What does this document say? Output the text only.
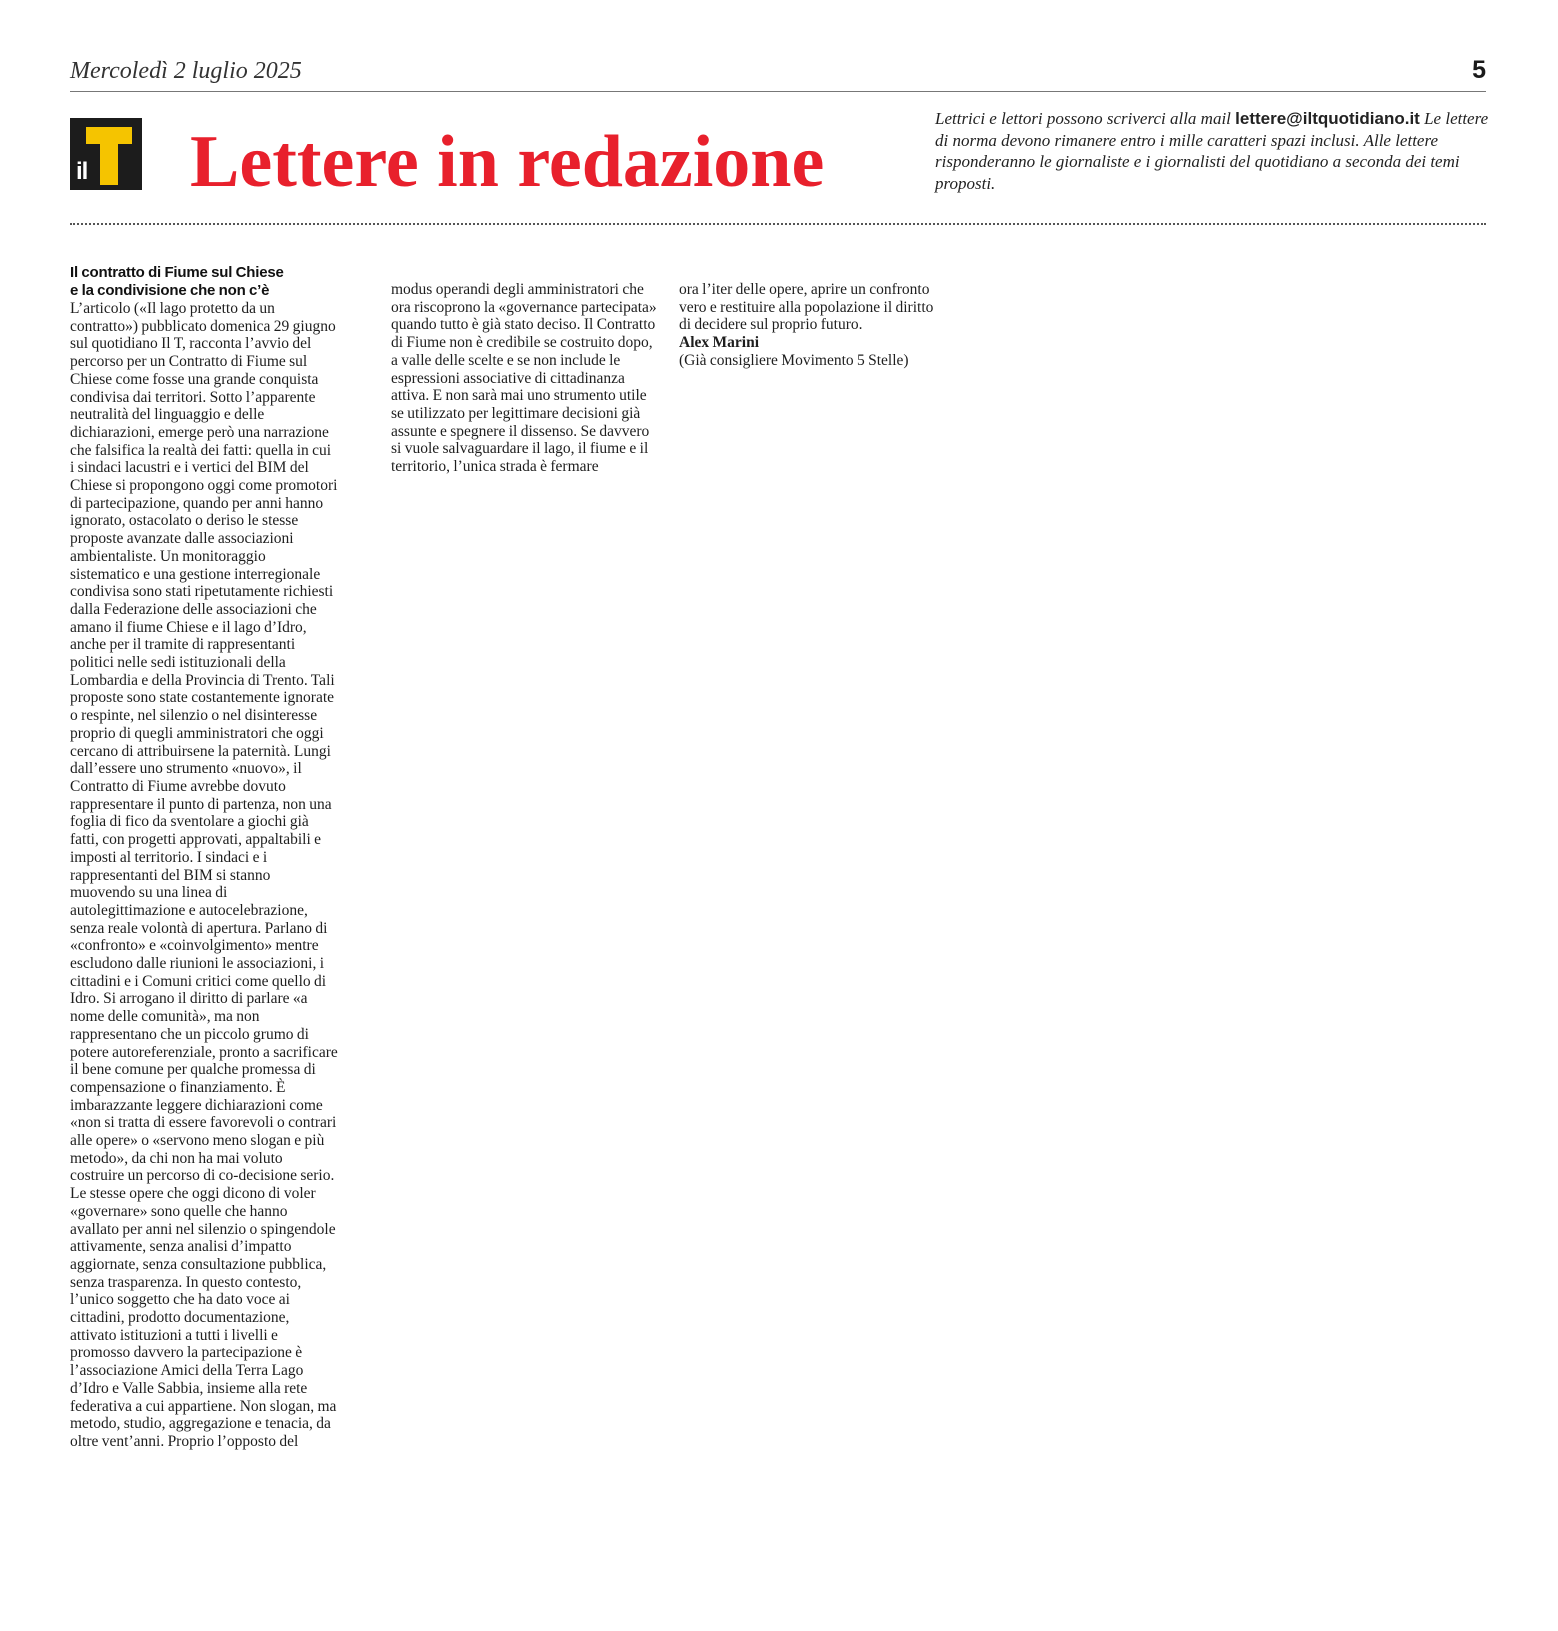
Mercoledì 2 luglio 2025	5
il Lettere in redazione
Lettrici e lettori possono scriverci alla mail lettere@iltquotidiano.it Le lettere di norma devono rimanere entro i mille caratteri spazi inclusi. Alle lettere risponderanno le giornaliste e i giornalisti del quotidiano a seconda dei temi proposti.

Il contratto di Fiume sul Chiese

e la condivisione che non c’è

L’articolo («Il lago protetto da un contratto») pubblicato domenica 29 giugno sul quotidiano Il T, racconta l’avvio del percorso per un Contratto di Fiume sul Chiese come fosse una grande conquista condivisa dai territori. Sotto l’apparente neutralità del linguaggio e delle dichiarazioni, emerge però una narrazione che falsifica la realtà dei fatti: quella in cui i sindaci lacustri e i vertici del BIM del Chiese si propongono oggi come promotori di partecipazione, quando per anni hanno ignorato, ostacolato o deriso le stesse proposte avanzate dalle associazioni ambientaliste. Un monitoraggio sistematico e una gestione interregionale condivisa sono stati ripetutamente richiesti dalla Federazione delle associazioni che amano il fiume Chiese e il lago d’Idro, anche per il tramite di rappresentanti politici nelle sedi istituzionali della Lombardia e della Provincia di Trento. Tali proposte sono state costantemente ignorate o respinte, nel silenzio o nel disinteresse proprio di quegli amministratori che oggi cercano di attribuirsene la paternità. Lungi dall’essere uno strumento «nuovo», il Contratto di Fiume avrebbe dovuto rappresentare il punto di partenza, non una foglia di fico da sventolare a giochi già fatti, con progetti approvati, appaltabili e imposti al territorio. I sindaci e i rappresentanti del BIM si stanno muovendo su una linea di autolegittimazione e autocelebrazione, senza reale volontà di apertura. Parlano di «confronto» e «coinvolgimento» mentre escludono dalle riunioni le associazioni, i cittadini e i Comuni critici come quello di Idro. Si arrogano il diritto di parlare «a nome delle comunità», ma non rappresentano che un piccolo grumo di potere autoreferenziale, pronto a sacrificare il bene comune per qualche promessa di compensazione o finanziamento. È imbarazzante leggere dichiarazioni come «non si tratta di essere favorevoli o contrari alle opere» o «servono meno slogan e più metodo», da chi non ha mai voluto costruire un percorso di co-decisione serio. Le stesse opere che oggi dicono di voler «governare» sono quelle che hanno avallato per anni nel silenzio o spingendole attivamente, senza analisi d’impatto aggiornate, senza consultazione pubblica, senza trasparenza. In questo contesto, l’unico soggetto che ha dato voce ai cittadini, prodotto documentazione, attivato istituzioni a tutti i livelli e promosso davvero la partecipazione è l’associazione Amici della Terra Lago d’Idro e Valle Sabbia, insieme alla rete federativa a cui appartiene. Non slogan, ma metodo, studio, aggregazione e tenacia, da oltre vent’anni. Proprio l’opposto del

modus operandi degli amministratori che ora riscoprono la «governance partecipata» quando tutto è già stato deciso. Il Contratto di Fiume non è credibile se costruito dopo, a valle delle scelte e se non include le espressioni associative di cittadinanza attiva. E non sarà mai uno strumento utile se utilizzato per legittimare decisioni già assunte e spegnere il dissenso. Se davvero si vuole salvaguardare il lago, il fiume e il territorio, l’unica strada è fermare

ora l’iter delle opere, aprire un confronto vero e restituire alla popolazione il diritto di decidere sul proprio futuro.

Alex Marini

(Già consigliere Movimento 5 Stelle)
